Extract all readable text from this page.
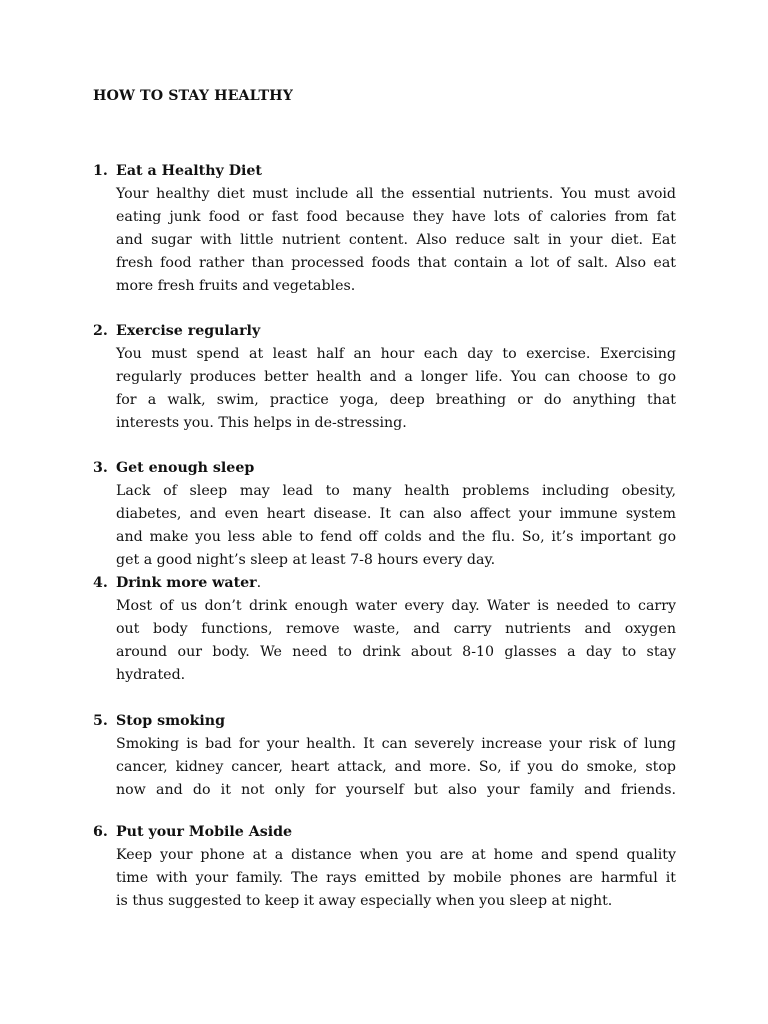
HOW TO STAY HEALTHY
1. Eat a Healthy Diet
Your healthy diet must include all the essential nutrients. You must avoid
eating junk food or fast food because they have lots of calories from fat
and sugar with little nutrient content. Also reduce salt in your diet. Eat
fresh food rather than processed foods that contain a lot of salt. Also eat
more fresh fruits and vegetables.
2. Exercise regularly
You must spend at least half an hour each day to exercise. Exercising
regularly produces better health and a longer life. You can choose to go
for a walk, swim, practice yoga, deep breathing or do anything that
interests you. This helps in de-stressing.
3. Get enough sleep
Lack of sleep may lead to many health problems including obesity,
diabetes, and even heart disease. It can also affect your immune system
and make you less able to fend off colds and the flu. So, it’s important go
get a good night’s sleep at least 7-8 hours every day.
4. Drink more water.
Most of us don’t drink enough water every day. Water is needed to carry
out body functions, remove waste, and carry nutrients and oxygen
around our body. We need to drink about 8-10 glasses a day to stay
hydrated.
5. Stop smoking
Smoking is bad for your health. It can severely increase your risk of lung
cancer, kidney cancer, heart attack, and more. So, if you do smoke, stop
now and do it not only for yourself but also your family and friends.
6. Put your Mobile Aside
Keep your phone at a distance when you are at home and spend quality
time with your family. The rays emitted by mobile phones are harmful it
is thus suggested to keep it away especially when you sleep at night.
